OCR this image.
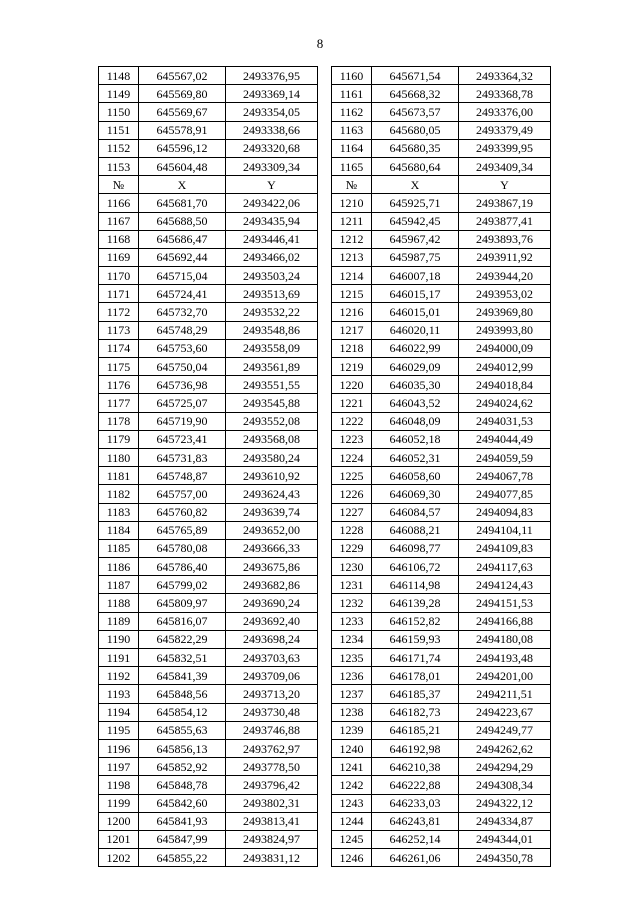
8
1148	645567,02	2493376,95		1160	645671,54	2493364,32
1149	645569,80	2493369,14		1161	645668,32	2493368,78
1150	645569,67	2493354,05		1162	645673,57	2493376,00
1151	645578,91	2493338,66		1163	645680,05	2493379,49
1152	645596,12	2493320,68		1164	645680,35	2493399,95
1153	645604,48	2493309,34		1165	645680,64	2493409,34
№	X	Y		№	X	Y
1166	645681,70	2493422,06		1210	645925,71	2493867,19
1167	645688,50	2493435,94		1211	645942,45	2493877,41
1168	645686,47	2493446,41		1212	645967,42	2493893,76
1169	645692,44	2493466,02		1213	645987,75	2493911,92
1170	645715,04	2493503,24		1214	646007,18	2493944,20
1171	645724,41	2493513,69		1215	646015,17	2493953,02
1172	645732,70	2493532,22		1216	646015,01	2493969,80
1173	645748,29	2493548,86		1217	646020,11	2493993,80
1174	645753,60	2493558,09		1218	646022,99	2494000,09
1175	645750,04	2493561,89		1219	646029,09	2494012,99
1176	645736,98	2493551,55		1220	646035,30	2494018,84
1177	645725,07	2493545,88		1221	646043,52	2494024,62
1178	645719,90	2493552,08		1222	646048,09	2494031,53
1179	645723,41	2493568,08		1223	646052,18	2494044,49
1180	645731,83	2493580,24		1224	646052,31	2494059,59
1181	645748,87	2493610,92		1225	646058,60	2494067,78
1182	645757,00	2493624,43		1226	646069,30	2494077,85
1183	645760,82	2493639,74		1227	646084,57	2494094,83
1184	645765,89	2493652,00		1228	646088,21	2494104,11
1185	645780,08	2493666,33		1229	646098,77	2494109,83
1186	645786,40	2493675,86		1230	646106,72	2494117,63
1187	645799,02	2493682,86		1231	646114,98	2494124,43
1188	645809,97	2493690,24		1232	646139,28	2494151,53
1189	645816,07	2493692,40		1233	646152,82	2494166,88
1190	645822,29	2493698,24		1234	646159,93	2494180,08
1191	645832,51	2493703,63		1235	646171,74	2494193,48
1192	645841,39	2493709,06		1236	646178,01	2494201,00
1193	645848,56	2493713,20		1237	646185,37	2494211,51
1194	645854,12	2493730,48		1238	646182,73	2494223,67
1195	645855,63	2493746,88		1239	646185,21	2494249,77
1196	645856,13	2493762,97		1240	646192,98	2494262,62
1197	645852,92	2493778,50		1241	646210,38	2494294,29
1198	645848,78	2493796,42		1242	646222,88	2494308,34
1199	645842,60	2493802,31		1243	646233,03	2494322,12
1200	645841,93	2493813,41		1244	646243,81	2494334,87
1201	645847,99	2493824,97		1245	646252,14	2494344,01
1202	645855,22	2493831,12		1246	646261,06	2494350,78
